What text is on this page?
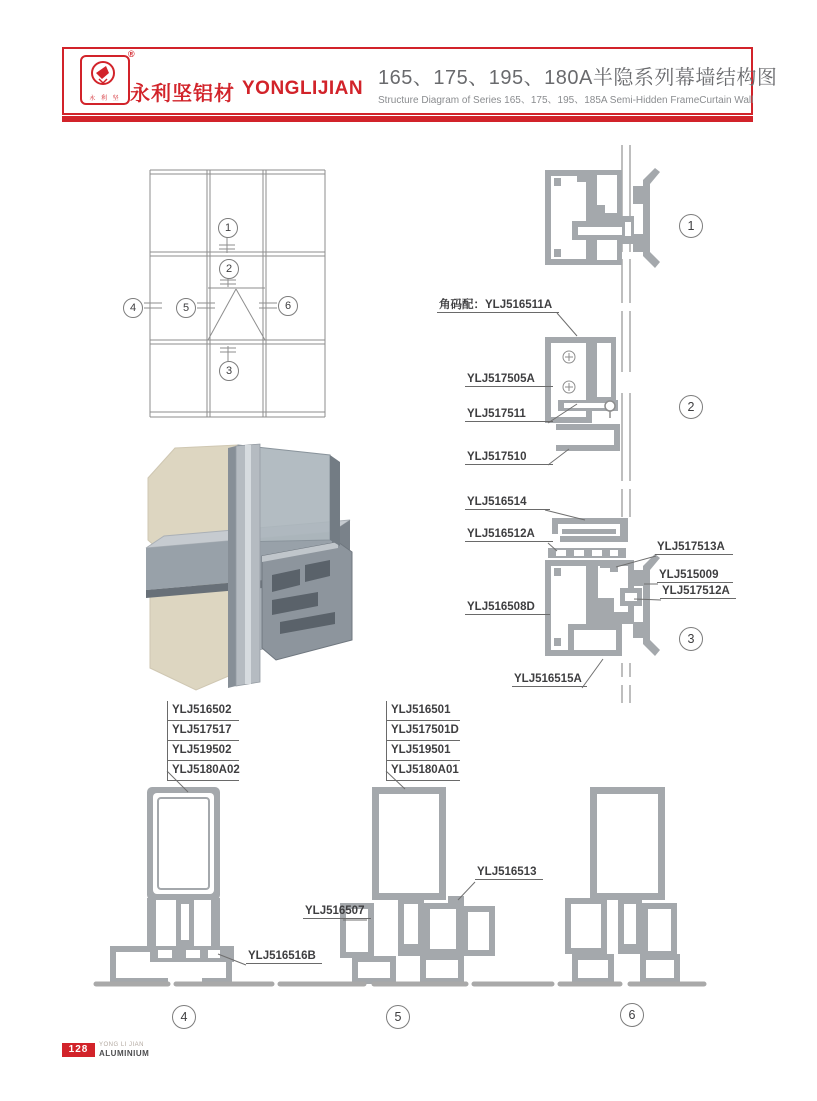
永 利 坚
®
永利坚铝材 YONGLIJIAN 165、175、195、180A半隐系列幕墙结构图
Structure Diagram of Series 165、175、195、185A Semi-Hidden FrameCurtain Wall
角码配：YLJ516511A
YLJ517505A
YLJ517511
YLJ517510
YLJ516514
YLJ516512A
YLJ516508D
YLJ517513A
YLJ515009
YLJ517512A
YLJ516515A
YLJ516502
YLJ517517
YLJ519502
YLJ5180A02
YLJ516501
YLJ517501D
YLJ519501
YLJ5180A01
YLJ516507
YLJ516513
YLJ516516B
1
2
3
4	5	6
1
2
3
4	5	6
128	YONG LI JIAN
ALUMINIUM
